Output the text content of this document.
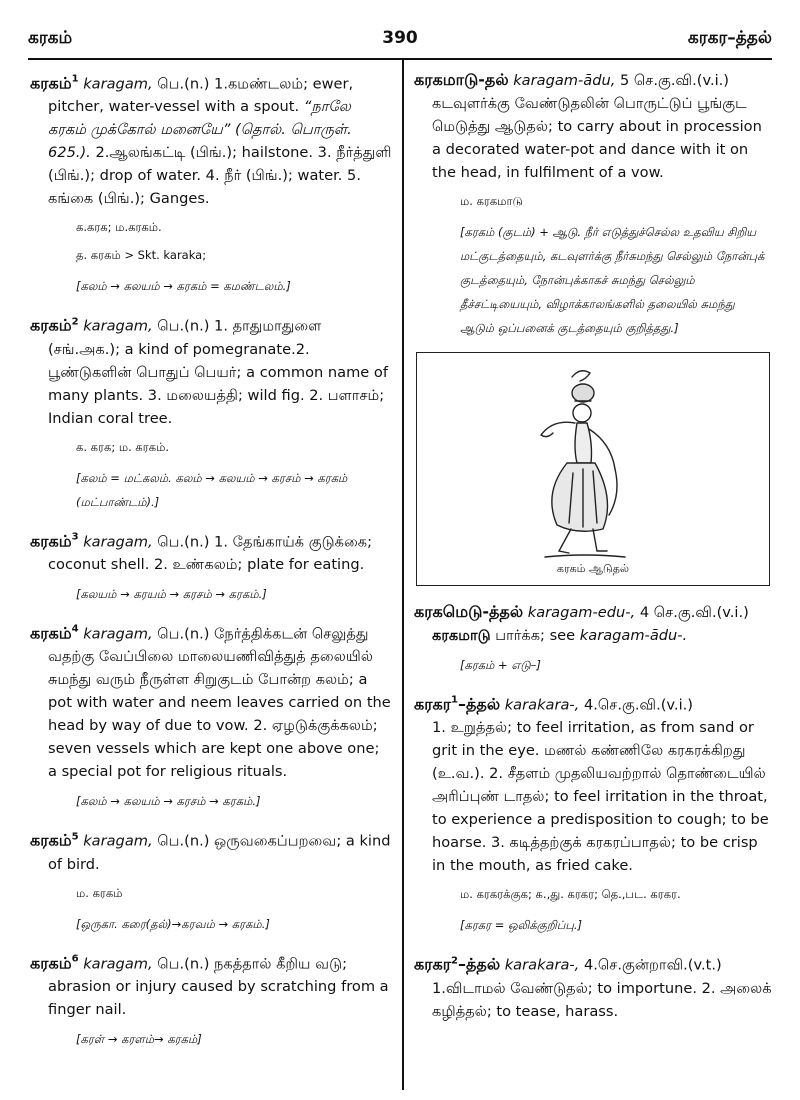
கரகம்	390	கரகர–த்தல்
கரகம்$^1$ karagam, பெ.(n.) 1.கமண்டலம்; ewer,
pitcher, water-vessel with a spout. “நாலே கரகம் முக்கோல் மனையே” (தொல். பொருள். 625.). 2.ஆலங்கட்டி (பிங்.); hailstone. 3. நீர்த்துளி (பிங்.); drop of water. 4. நீர் (பிங்.); water. 5. கங்கை (பிங்.); Ganges.
க.கரக; ம.கரகம்.
த. கரகம் > Skt. karaka;
[கலம் → கலயம் → கரகம் = கமண்டலம்.]
கரகம்$^2$ karagam, பெ.(n.) 1. தாதுமாதுளை
(சங்.அக.); a kind of pomegranate.2. பூண்டுகளின் பொதுப் பெயர்; a common name of many plants. 3. மலையத்தி; wild fig. 2. பளாசம்; Indian coral tree.
க. கரக; ம. கரகம்.
[கலம் = மட்கலம். கலம் → கலயம் → கரசம் → கரகம் (மட்பாண்டம்).]
கரகம்$^3$ karagam, பெ.(n.) 1. தேங்காய்க் குடுக்கை;
coconut shell. 2. உண்கலம்; plate for eating.
[கலயம் → கரயம் → கரசம் → கரகம்.]
கரகம்$^4$ karagam, பெ.(n.) நேர்த்திக்கடன் செலுத்து
வதற்கு வேப்பிலை மாலையணிவித்துத் தலையில் சுமந்து வரும் நீருள்ள சிறுகுடம் போன்ற கலம்; a pot with water and neem leaves carried on the head by way of due to vow. 2. ஏழடுக்குக்கலம்; seven vessels which are kept one above one; a special pot for religious rituals.
[கலம் → கலயம் → கரசம் → கரகம்.]
கரகம்$^5$ karagam, பெ.(n.) ஒருவகைப்பறவை; a kind
of bird.
ம. கரகம்
[ஒருகா. கரை(தல்)→கரவம் → கரகம்.]
கரகம்$^6$ karagam, பெ.(n.) நகத்தால் கீறிய வடு;
abrasion or injury caused by scratching from a finger nail.
[கரள் → கரளம்→ கரகம்]
கரகமாடு-தல் karagam-ādu, 5 செ.கு.வி.(v.i.)
கடவுளர்க்கு வேண்டுதலின் பொருட்டுப் பூங்குட மெடுத்து ஆடுதல்; to carry about in procession a decorated water-pot and dance with it on the head, in fulfilment of a vow.
ம. கரகமாடு
[கரகம் (குடம்) + ஆடு. நீர் எடுத்துச்செல்ல உதவிய சிறிய மட்குடத்தையும், கடவுளர்க்கு நீர்சுமந்து செல்லும் நோன்புக் குடத்தையும், நோன்புக்காகச் சுமந்து செல்லும் தீச்சட்டியையும், விழாக்காலங்களில் தலையில் சுமந்து ஆடும் ஒப்பனைக் குடத்தையும் குறித்தது.]
கரகம் ஆடுதல்
கரகமெடு-த்தல் karagam-edu-, 4 செ.கு.வி.(v.i.)
கரகமாடு பார்க்க; see karagam-ādu-.
[கரகம் + எடு–]
கரகர$^1$–த்தல் karakara-, 4.செ.கு.வி.(v.i.)
1. உறுத்தல்; to feel irritation, as from sand or grit in the eye. மணல் கண்ணிலே கரகரக்கிறது (உ.வ.). 2. சீதளம் முதலியவற்றால் தொண்டையில் அரிப்புண் டாதல்; to feel irritation in the throat, to experience a predisposition to cough; to be hoarse. 3. கடித்தற்குக் கரகரப்பாதல்; to be crisp in the mouth, as fried cake.
ம. கரகரக்குக; க.,து. கரகர; தெ.,பட. கரகர.
[கரகர = ஒலிக்குறிப்பு.]
கரகர$^2$–த்தல் karakara-, 4.செ.குன்றாவி.(v.t.)
1.விடாமல் வேண்டுதல்; to importune. 2. அலைக் கழித்தல்; to tease, harass.
